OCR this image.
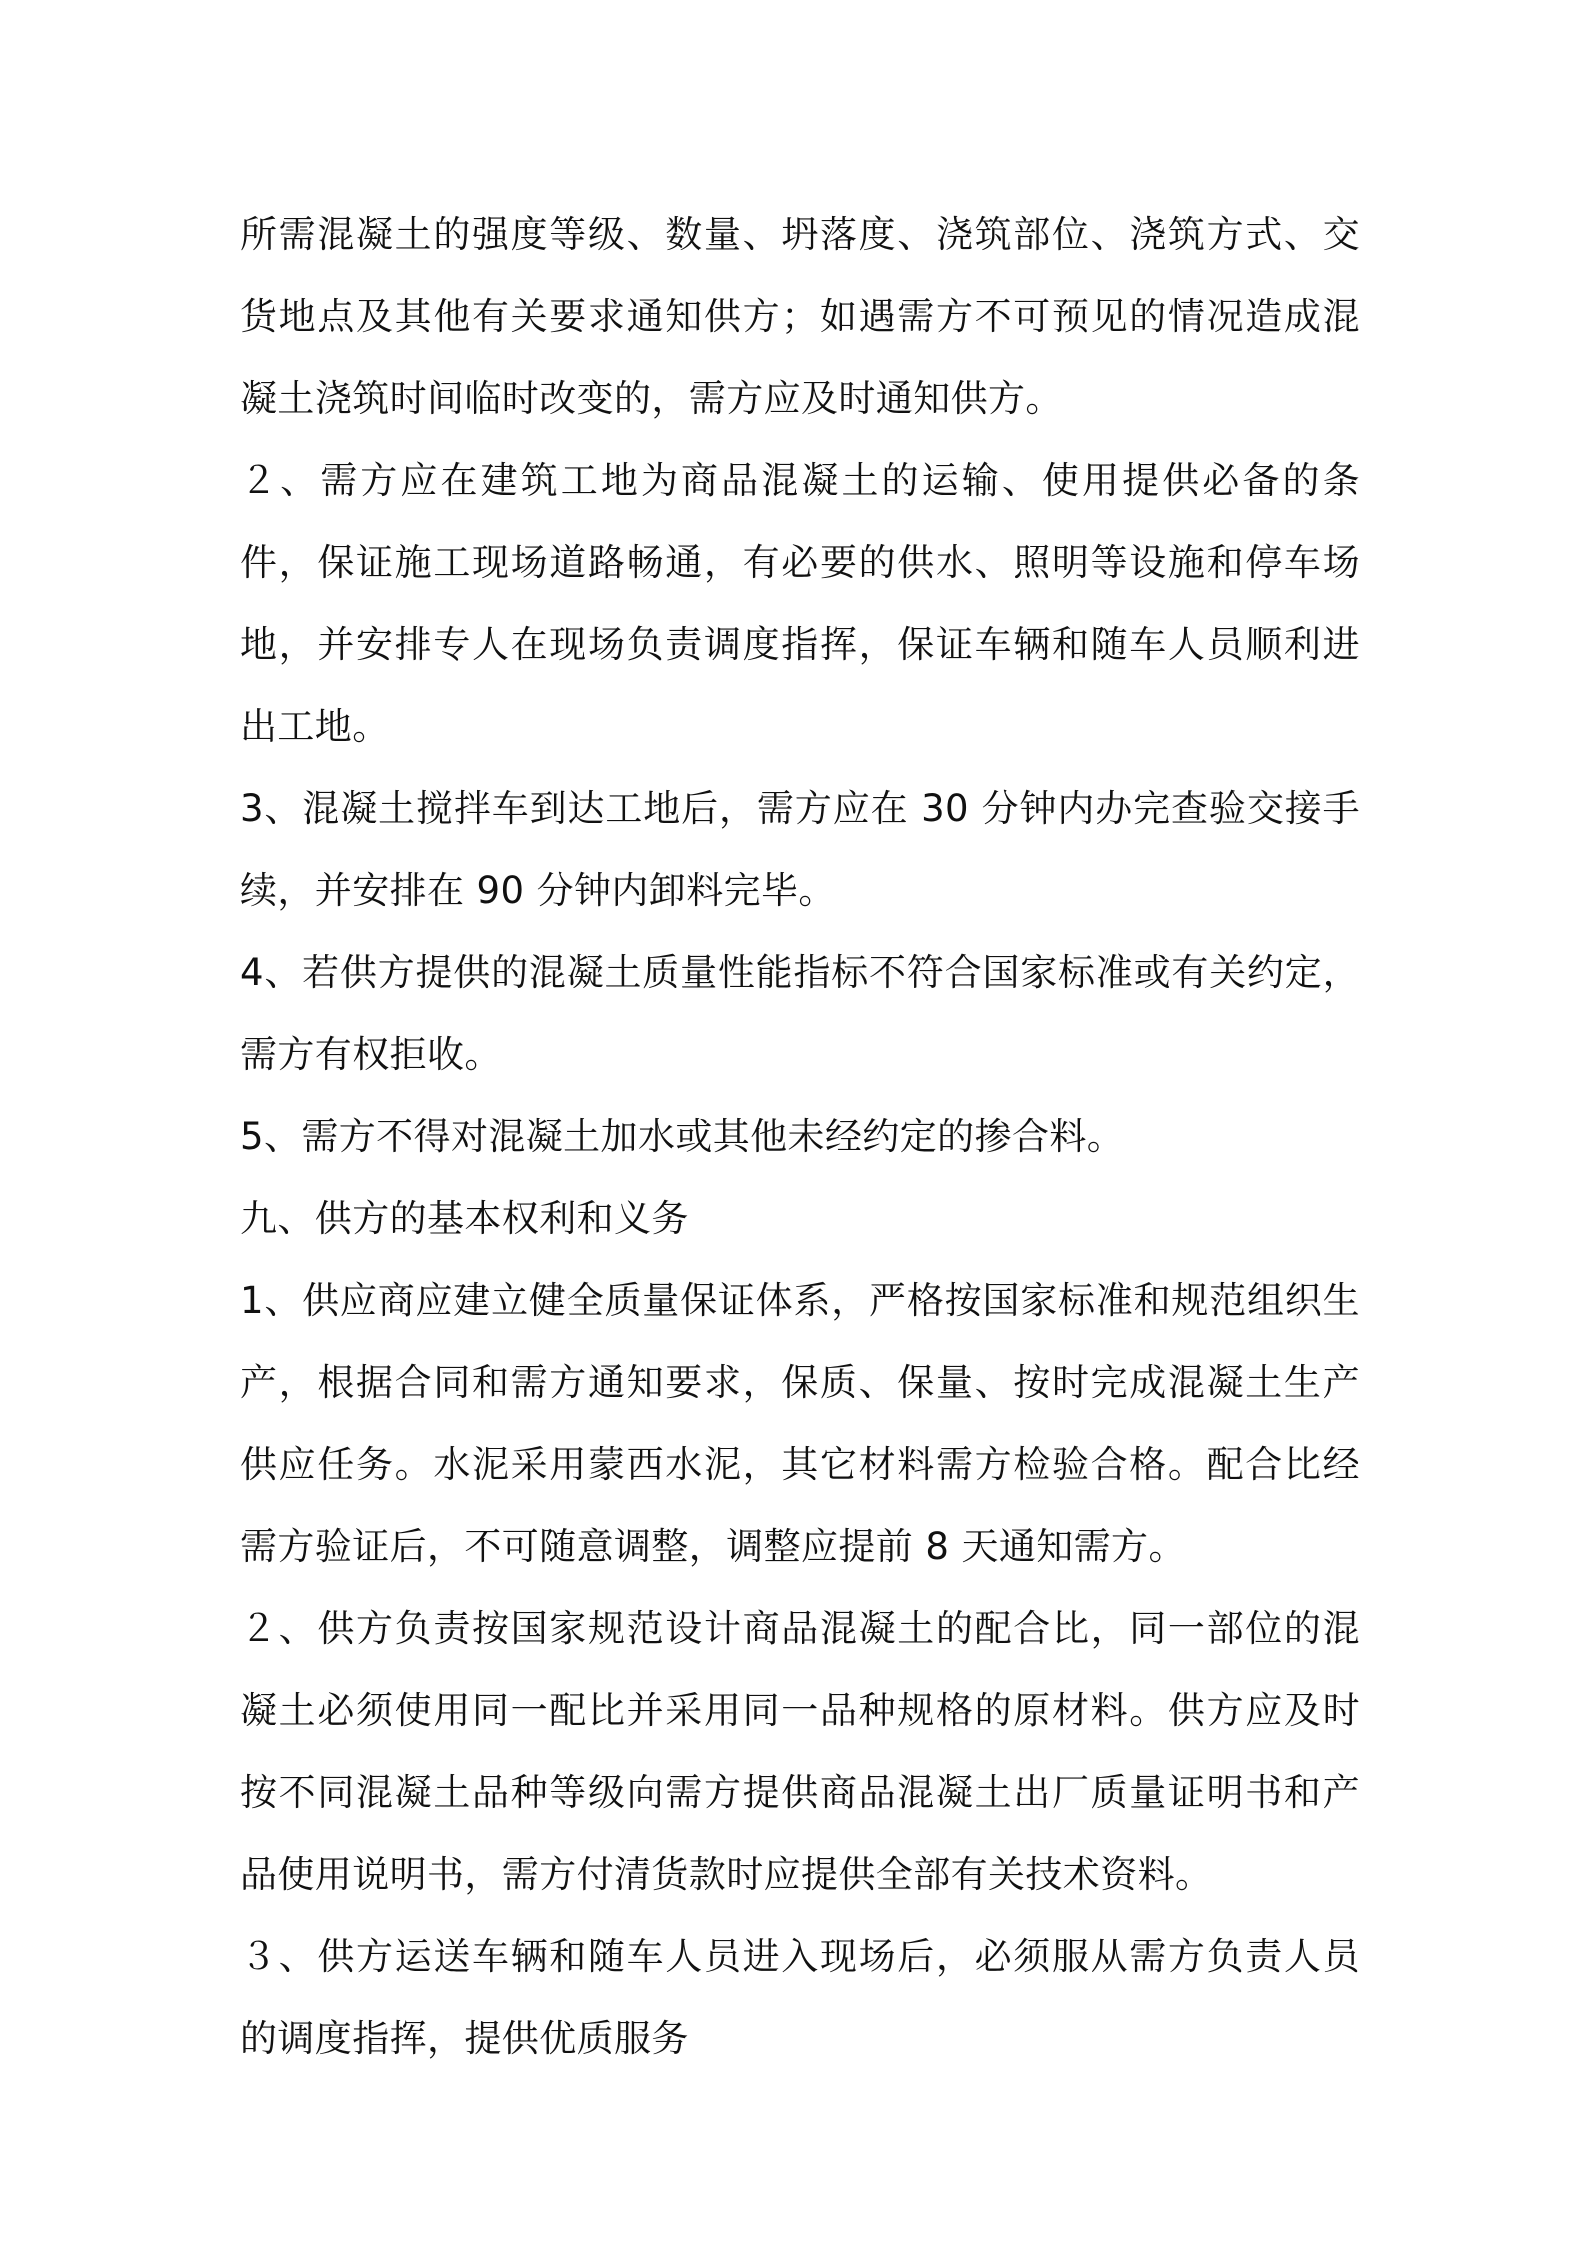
所需混凝土的强度等级、数量、坍落度、浇筑部位、浇筑方式、交货地点及其他有关要求通知供方；如遇需方不可预见的情况造成混凝土浇筑时间临时改变的，需方应及时通知供方。

２、需方应在建筑工地为商品混凝土的运输、使用提供必备的条件，保证施工现场道路畅通，有必要的供水、照明等设施和停车场地，并安排专人在现场负责调度指挥，保证车辆和随车人员顺利进出工地。

3、混凝土搅拌车到达工地后，需方应在 30 分钟内办完查验交接手续，并安排在 90 分钟内卸料完毕。

4、若供方提供的混凝土质量性能指标不符合国家标准或有关约定，需方有权拒收。

5、需方不得对混凝土加水或其他未经约定的掺合料。

九、供方的基本权利和义务

1、供应商应建立健全质量保证体系，严格按国家标准和规范组织生产，根据合同和需方通知要求，保质、保量、按时完成混凝土生产供应任务。水泥采用蒙西水泥，其它材料需方检验合格。配合比经需方验证后，不可随意调整，调整应提前 8 天通知需方。

２、供方负责按国家规范设计商品混凝土的配合比，同一部位的混凝土必须使用同一配比并采用同一品种规格的原材料。供方应及时按不同混凝土品种等级向需方提供商品混凝土出厂质量证明书和产品使用说明书，需方付清货款时应提供全部有关技术资料。

３、供方运送车辆和随车人员进入现场后，必须服从需方负责人员的调度指挥，提供优质服务
